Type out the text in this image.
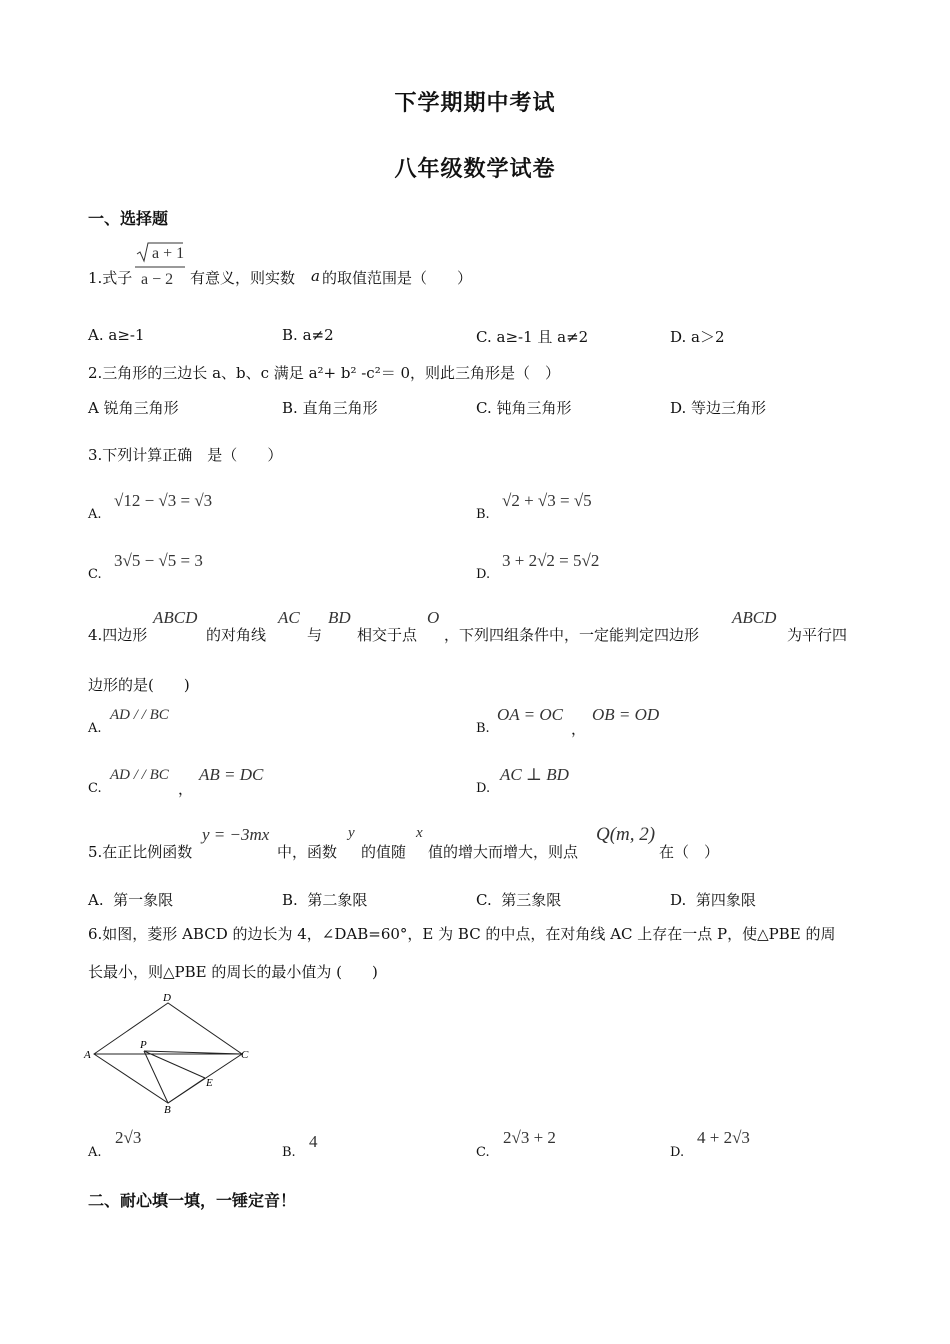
下学期期中考试
八年级数学试卷
一、选择题
1.式子
a + 1
a − 2 有意义，则实数 a 的取值范围是（　　）
A. a≥-1	B. a≠2	C. a≥-1 且 a≠2	D. a＞2
2.三角形的三边长 a、b、c 满足 a²+ b² -c²＝ 0，则此三角形是（　）
A 锐角三角形	B. 直角三角形	C. 钝角三角形	D. 等边三角形
3.下列计算正确　是（　　）
A.
√12 − √3 = √3
B.
√2 + √3 = √5
C.
3√5 − √5 = 3
D.
3 + 2√2 = 5√2
4.四边形
ABCD
的对角线
AC
与
BD
相交于点
O
，下列四组条件中，一定能判定四边形
ABCD
为平行四
边形的是(　　)
A.
AD / / BC
B.
OA = OC
，
OB = OD
C.
AD / / BC
，
AB = DC
D.
AC ⊥ BD
5.在正比例函数
y = −3mx
中，函数
y
的值随
x
值的增大而增大，则点
Q(m, 2)
在（　）
A. 第一象限	B. 第二象限	C. 第三象限	D. 第四象限
6.如图，菱形 ABCD 的边长为 4，∠DAB=60°，E 为 BC 的中点，在对角线 AC 上存在一点 P，使△PBE 的周
长最小，则△PBE 的周长的最小值为 (　　)
D
A	C
P
E
B
A.
2√3
B.
4
C.
2√3 + 2
D.
4 + 2√3
二、耐心填一填，一锤定音！
